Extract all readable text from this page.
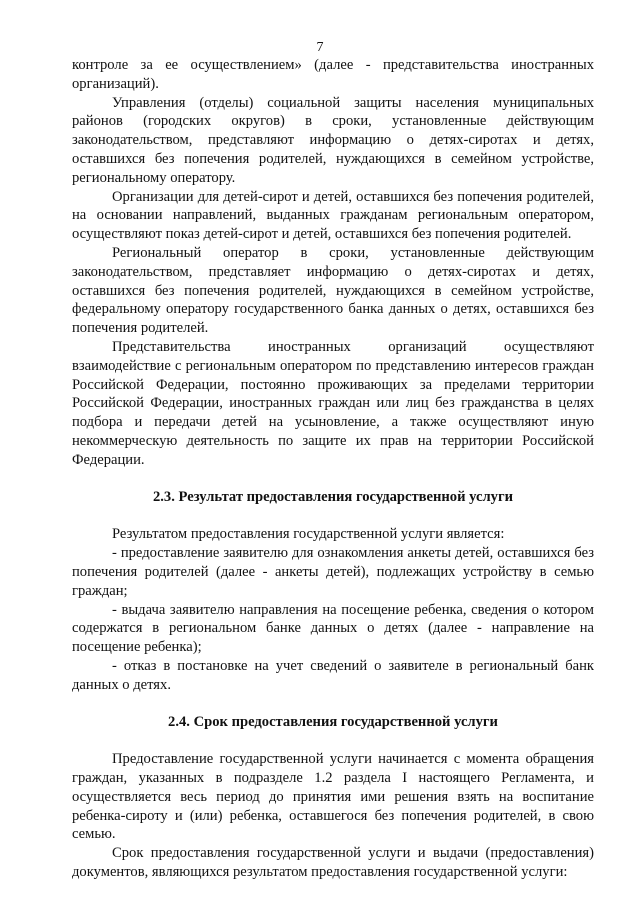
7

контроле за ее осуществлением» (далее - представительства иностранных организаций).

Управления (отделы) социальной защиты населения муниципальных районов (городских округов) в сроки, установленные действующим законодательством, представляют информацию о детях-сиротах и детях, оставшихся без попечения родителей, нуждающихся в семейном устройстве, региональному оператору.

Организации для детей-сирот и детей, оставшихся без попечения родителей, на основании направлений, выданных гражданам региональным оператором, осуществляют показ детей-сирот и детей, оставшихся без попечения родителей.

Региональный оператор в сроки, установленные действующим законодательством, представляет информацию о детях-сиротах и детях, оставшихся без попечения родителей, нуждающихся в семейном устройстве, федеральному оператору государственного банка данных о детях, оставшихся без попечения родителей.

Представительства иностранных организаций осуществляют взаимодействие с региональным оператором по представлению интересов граждан Российской Федерации, постоянно проживающих за пределами территории Российской Федерации, иностранных граждан или лиц без гражданства в целях подбора и передачи детей на усыновление, а также осуществляют иную некоммерческую деятельность по защите их прав на территории Российской Федерации.

2.3. Результат предоставления государственной услуги

Результатом предоставления государственной услуги является:

- предоставление заявителю для ознакомления анкеты детей, оставшихся без попечения родителей (далее - анкеты детей), подлежащих устройству в семью граждан;

- выдача заявителю направления на посещение ребенка, сведения о котором содержатся в региональном банке данных о детях (далее - направление на посещение ребенка);

- отказ в постановке на учет сведений о заявителе в региональный банк данных о детях.

2.4. Срок предоставления государственной услуги

Предоставление государственной услуги начинается с момента обращения граждан, указанных в подразделе 1.2 раздела I настоящего Регламента, и осуществляется весь период до принятия ими решения взять на воспитание ребенка-сироту и (или) ребенка, оставшегося без попечения родителей, в свою семью.

Срок предоставления государственной услуги и выдачи (предоставления) документов, являющихся результатом предоставления государственной услуги:
